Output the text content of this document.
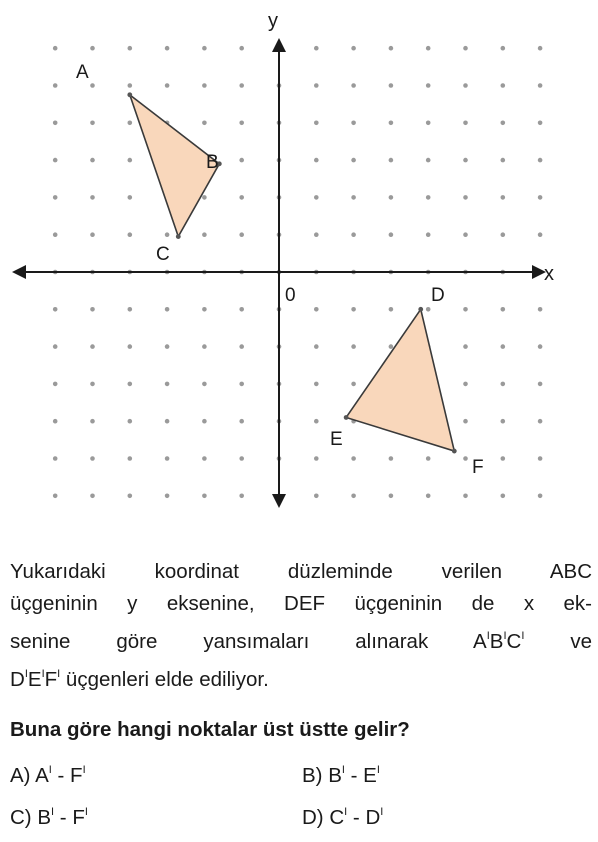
x
y
0
A
B
C
D
E
F
Yukarıdaki koordinat düzleminde verilen ABC
üçgeninin y eksenine, DEF üçgeninin de x ek-
senine göre yansımaları alınarak $A^IB^IC^I$ ve
$D^IE^IF^I$ üçgenleri elde ediliyor.
Buna göre hangi noktalar üst üstte gelir?
A) $A^I - F^I$	B) $B^I - E^I$
C) $B^I - F^I$	D) $C^I - D^I$
